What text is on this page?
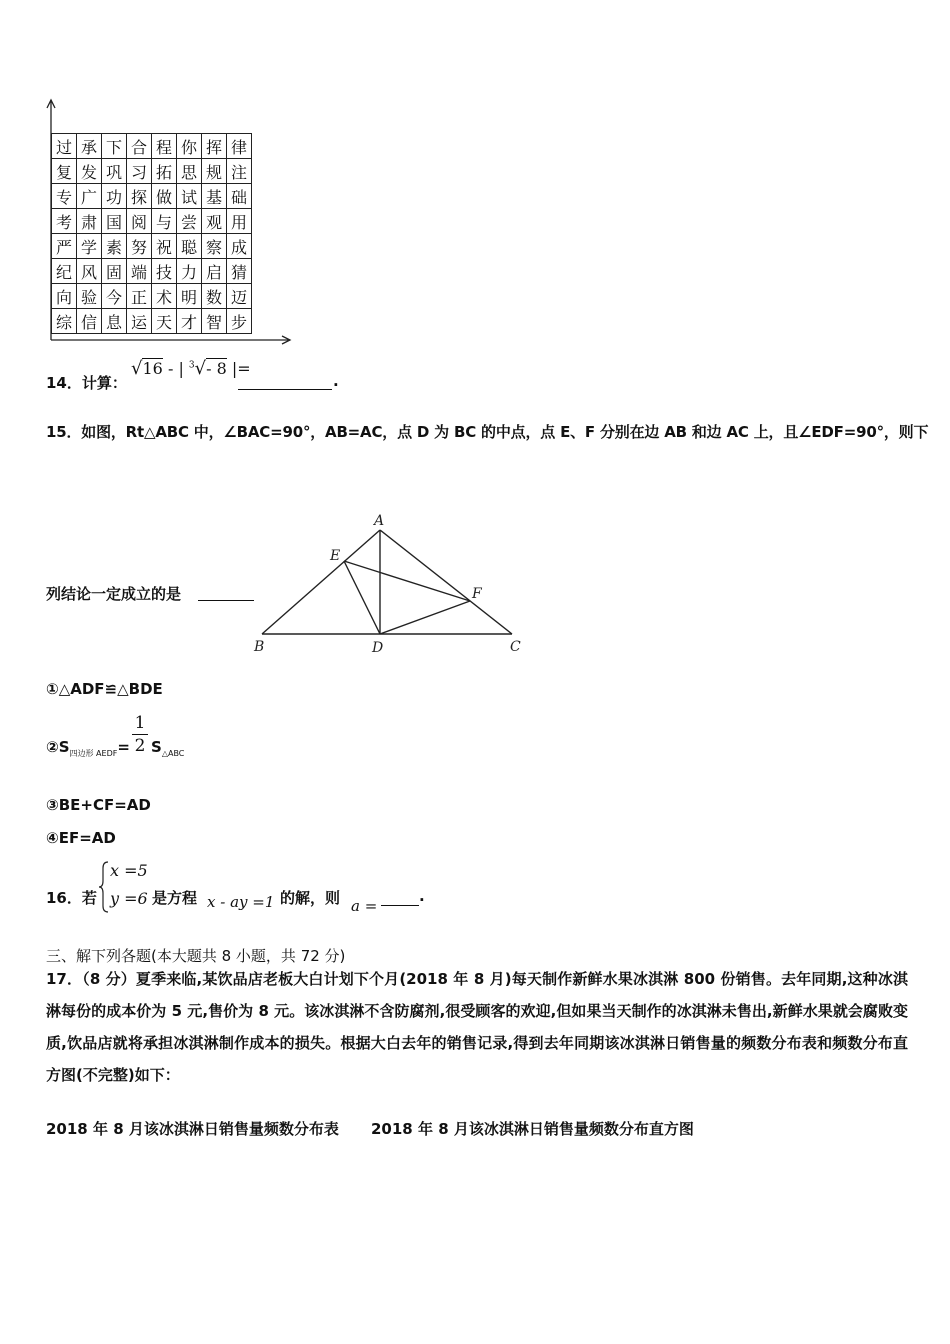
过	承	下	合	程	你	挥	律
复	发	巩	习	拓	思	规	注
专	广	功	探	做	试	基	础
考	肃	国	阅	与	尝	观	用
严	学	素	努	祝	聪	察	成
纪	风	固	端	技	力	启	猜
向	验	今	正	术	明	数	迈
综	信	息	运	天	才	智	步
14．计算：
√16 - | $^3$√- 8 |=
.
15．如图，Rt△ABC 中，∠BAC=90°，AB=AC，点 D 为 BC 的中点，点 E、F 分别在边 AB 和边 AC 上，且∠EDF=90°，则下
列结论一定成立的是
A
E
F
B	D	C
①△ADF≌△BDE
$②S_{四边形 AEDF}= \frac{1}{2} S_{\triangle ABC}$
③BE+CF=AD
④EF=AD
16．若
x =5
y =6 是方程 x - ay =1 的解，则 a =
.
三、解下列各题(本大题共 8 小题，共 72 分)
17．（8 分）夏季来临,某饮品店老板大白计划下个月(2018 年 8 月)每天制作新鲜水果冰淇淋 800 份销售。去年同期,这种冰淇淋每份的成本价为 5 元,售价为 8 元。该冰淇淋不含防腐剂,很受顾客的欢迎,但如果当天制作的冰淇淋未售出,新鲜水果就会腐败变质,饮品店就将承担冰淇淋制作成本的损失。根据大白去年的销售记录,得到去年同期该冰淇淋日销售量的频数分布表和频数分布直方图(不完整)如下：
2018 年 8 月该冰淇淋日销售量频数分布表 2018 年 8 月该冰淇淋日销售量频数分布直方图
